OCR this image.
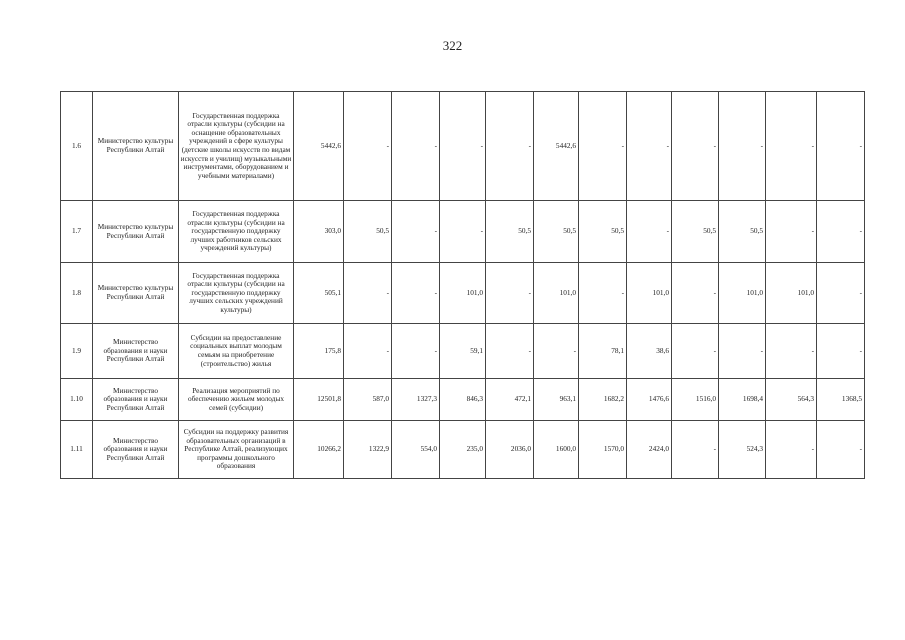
322
1.6	Министерство культуры Республики Алтай	Государственная поддержка отрасли культуры (субсидии на оснащение образовательных учреждений в сфере культуры (детские школы искусств по видам искусств и училищ) музыкальными инструментами, оборудованием и учебными материалами)	5442,6	-	-	-	-	5442,6	-	-	-	-	-	-
1.7	Министерство культуры Республики Алтай	Государственная поддержка отрасли культуры (субсидии на государственную поддержку лучших работников сельских учреждений культуры)	303,0	50,5	-	-	50,5	50,5	50,5	-	50,5	50,5	-	-
1.8	Министерство культуры Республики Алтай	Государственная поддержка отрасли культуры (субсидии на государственную поддержку лучших сельских учреждений культуры)	505,1	-	-	101,0	-	101,0	-	101,0	-	101,0	101,0	-
1.9	Министерство образования и науки Республики Алтай	Субсидии на предоставление социальных выплат молодым семьям на приобретение (строительство) жилья	175,8	-	-	59,1	-	-	78,1	38,6	-	-	-	-
1.10	Министерство образования и науки Республики Алтай	Реализация мероприятий по обеспечению жильем молодых семей (субсидии)	12501,8	587,0	1327,3	846,3	472,1	963,1	1682,2	1476,6	1516,0	1698,4	564,3	1368,5
1.11	Министерство образования и науки Республики Алтай	Субсидии на поддержку развития образовательных организаций в Республике Алтай, реализующих программы дошкольного образования	10266,2	1322,9	554,0	235,0	2036,0	1600,0	1570,0	2424,0	-	524,3	-	-
